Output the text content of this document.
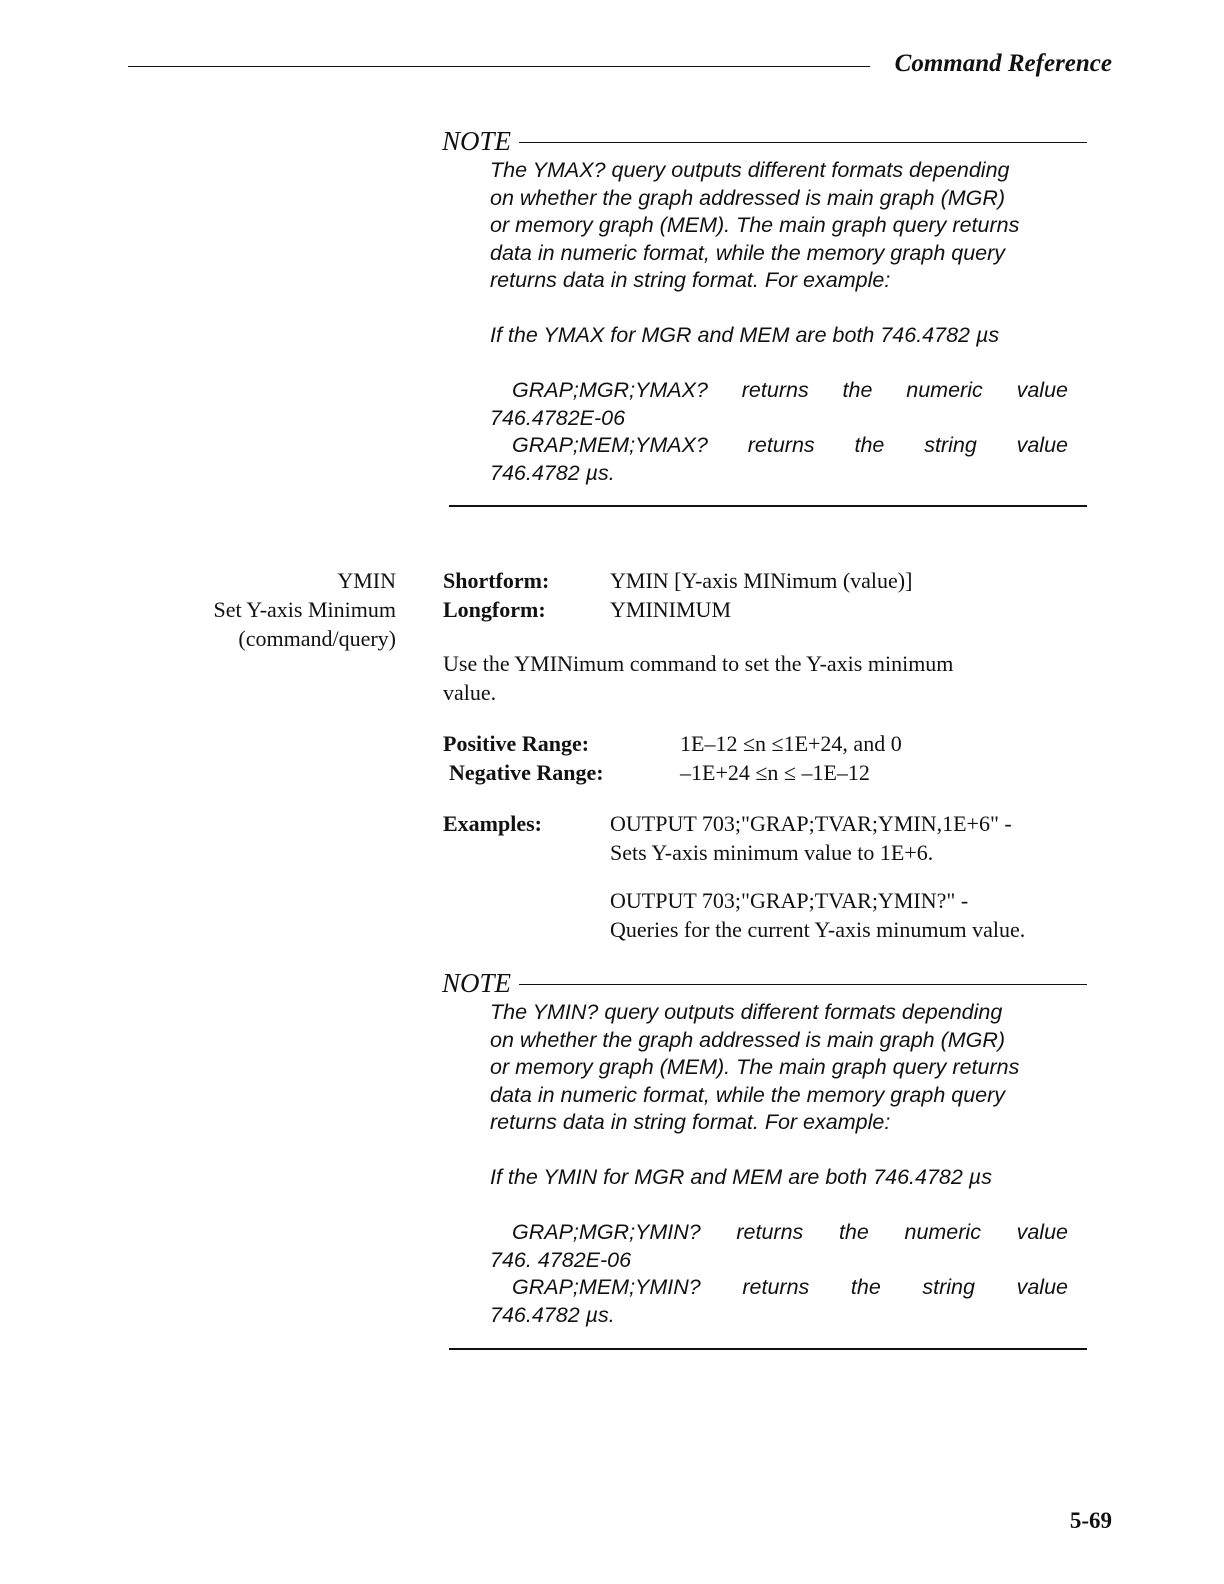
Command Reference
NOTE

The YMAX? query outputs different formats depending

on whether the graph addressed is main graph (MGR)

or memory graph (MEM). The main graph query returns

data in numeric format, while the memory graph query

returns data in string format. For example:

If the YMAX for MGR and MEM are both 746.4782 µs

GRAP;MGR;YMAX? returns the numeric value

746.4782E-06

GRAP;MEM;YMAX? returns the string value

746.4782 µs.

YMIN
Set Y-axis Minimum
(command/query)
Shortform:	YMIN [Y-axis MINimum (value)]
Longform:	YMINIMUM
Use the YMINimum command to set the Y-axis minimum
value.
Positive Range:	1E–12 ≤n ≤1E+24, and 0
Negative Range:	–1E+24 ≤n ≤ –1E–12
Examples:	OUTPUT 703;"GRAP;TVAR;YMIN,1E+6" -
Sets Y-axis minimum value to 1E+6.
OUTPUT 703;"GRAP;TVAR;YMIN?" -
Queries for the current Y-axis minumum value.
NOTE

The YMIN? query outputs different formats depending

on whether the graph addressed is main graph (MGR)

or memory graph (MEM). The main graph query returns

data in numeric format, while the memory graph query

returns data in string format. For example:

If the YMIN for MGR and MEM are both 746.4782 µs

GRAP;MGR;YMIN? returns the numeric value

746. 4782E-06

GRAP;MEM;YMIN? returns the string value

746.4782 µs.

5-69
